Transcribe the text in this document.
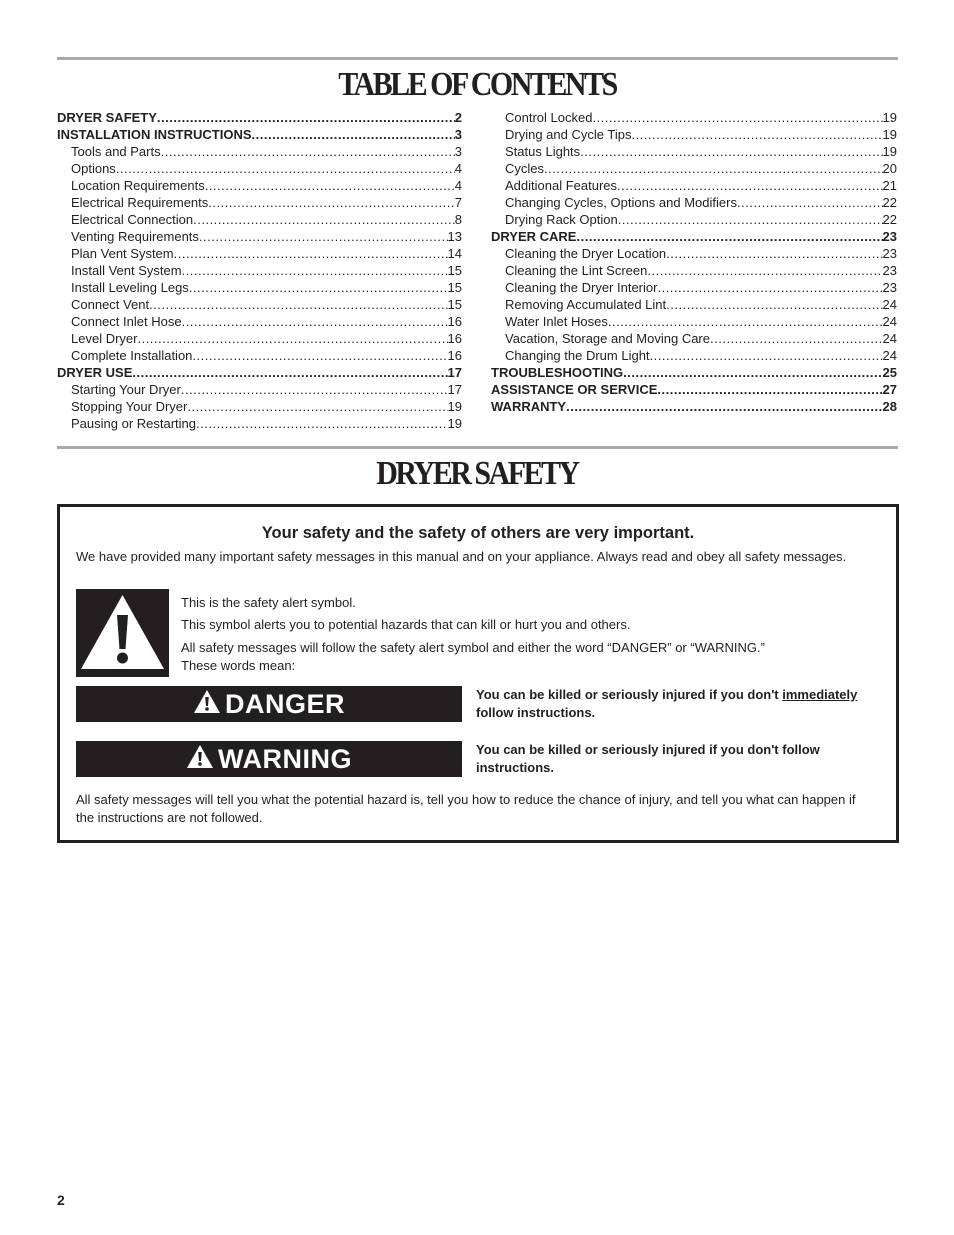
TABLE OF CONTENTS
DRYER SAFETY .....	2
INSTALLATION INSTRUCTIONS .....	3
Tools and Parts .....	3
Options .....	4
Location Requirements .....	4
Electrical Requirements .....	7
Electrical Connection .....	8
Venting Requirements .....	13
Plan Vent System .....	14
Install Vent System .....	15
Install Leveling Legs .....	15
Connect Vent .....	15
Connect Inlet Hose .....	16
Level Dryer .....	16
Complete Installation .....	16
DRYER USE .....	17
Starting Your Dryer .....	17
Stopping Your Dryer .....	19
Pausing or Restarting .....	19
Control Locked .....	19
Drying and Cycle Tips .....	19
Status Lights .....	19
Cycles .....	20
Additional Features .....	21
Changing Cycles, Options and Modifiers .....	22
Drying Rack Option .....	22
DRYER CARE .....	23
Cleaning the Dryer Location .....	23
Cleaning the Lint Screen .....	23
Cleaning the Dryer Interior .....	23
Removing Accumulated Lint .....	24
Water Inlet Hoses .....	24
Vacation, Storage and Moving Care .....	24
Changing the Drum Light .....	24
TROUBLESHOOTING .....	25
ASSISTANCE OR SERVICE .....	27
WARRANTY .....	28
DRYER SAFETY
Your safety and the safety of others are very important.
We have provided many important safety messages in this manual and on your appliance. Always read and obey all safety messages.
This is the safety alert symbol.
This symbol alerts you to potential hazards that can kill or hurt you and others.
All safety messages will follow the safety alert symbol and either the word “DANGER” or “WARNING.”
These words mean:
DANGER	You can be killed or seriously injured if you don't immediately
follow instructions.
WARNING	You can be killed or seriously injured if you don't follow
instructions.
All safety messages will tell you what the potential hazard is, tell you how to reduce the chance of injury, and tell you what can happen if the instructions are not followed.
2
